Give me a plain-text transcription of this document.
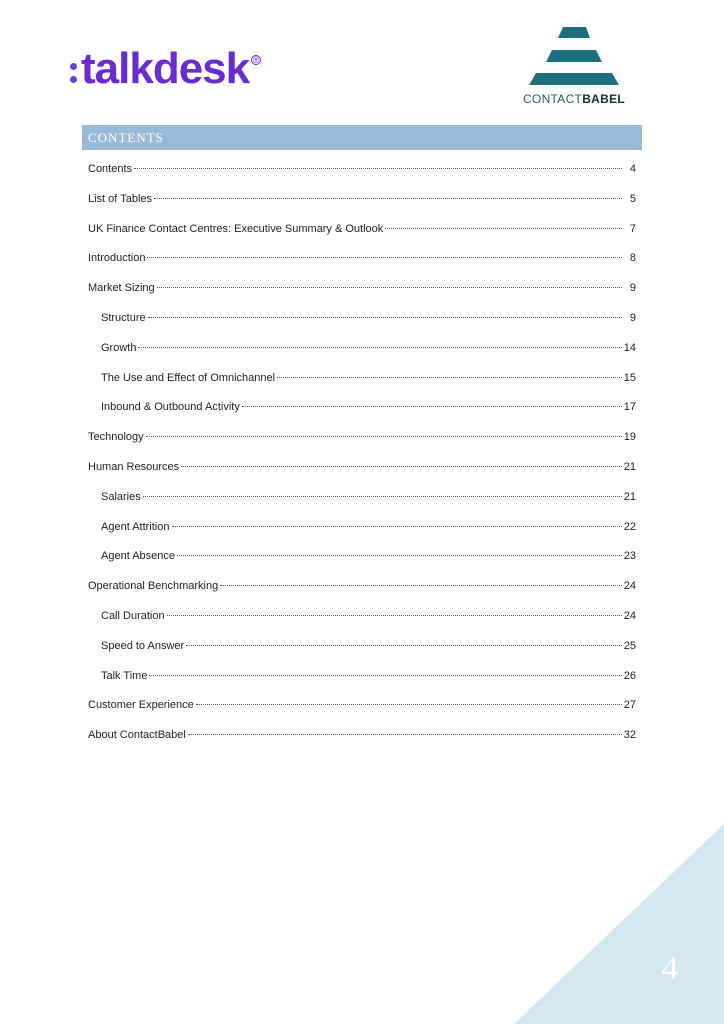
talkdesk ®
CONTACTBABEL
CONTENTS
Contents	4
List of Tables	5
UK Finance Contact Centres: Executive Summary & Outlook	7
Introduction	8
Market Sizing	9
Structure	9
Growth	14
The Use and Effect of Omnichannel	15
Inbound & Outbound Activity	17
Technology	19
Human Resources	21
Salaries	21
Agent Attrition	22
Agent Absence	23
Operational Benchmarking	24
Call Duration	24
Speed to Answer	25
Talk Time	26
Customer Experience	27
About ContactBabel	32
4
